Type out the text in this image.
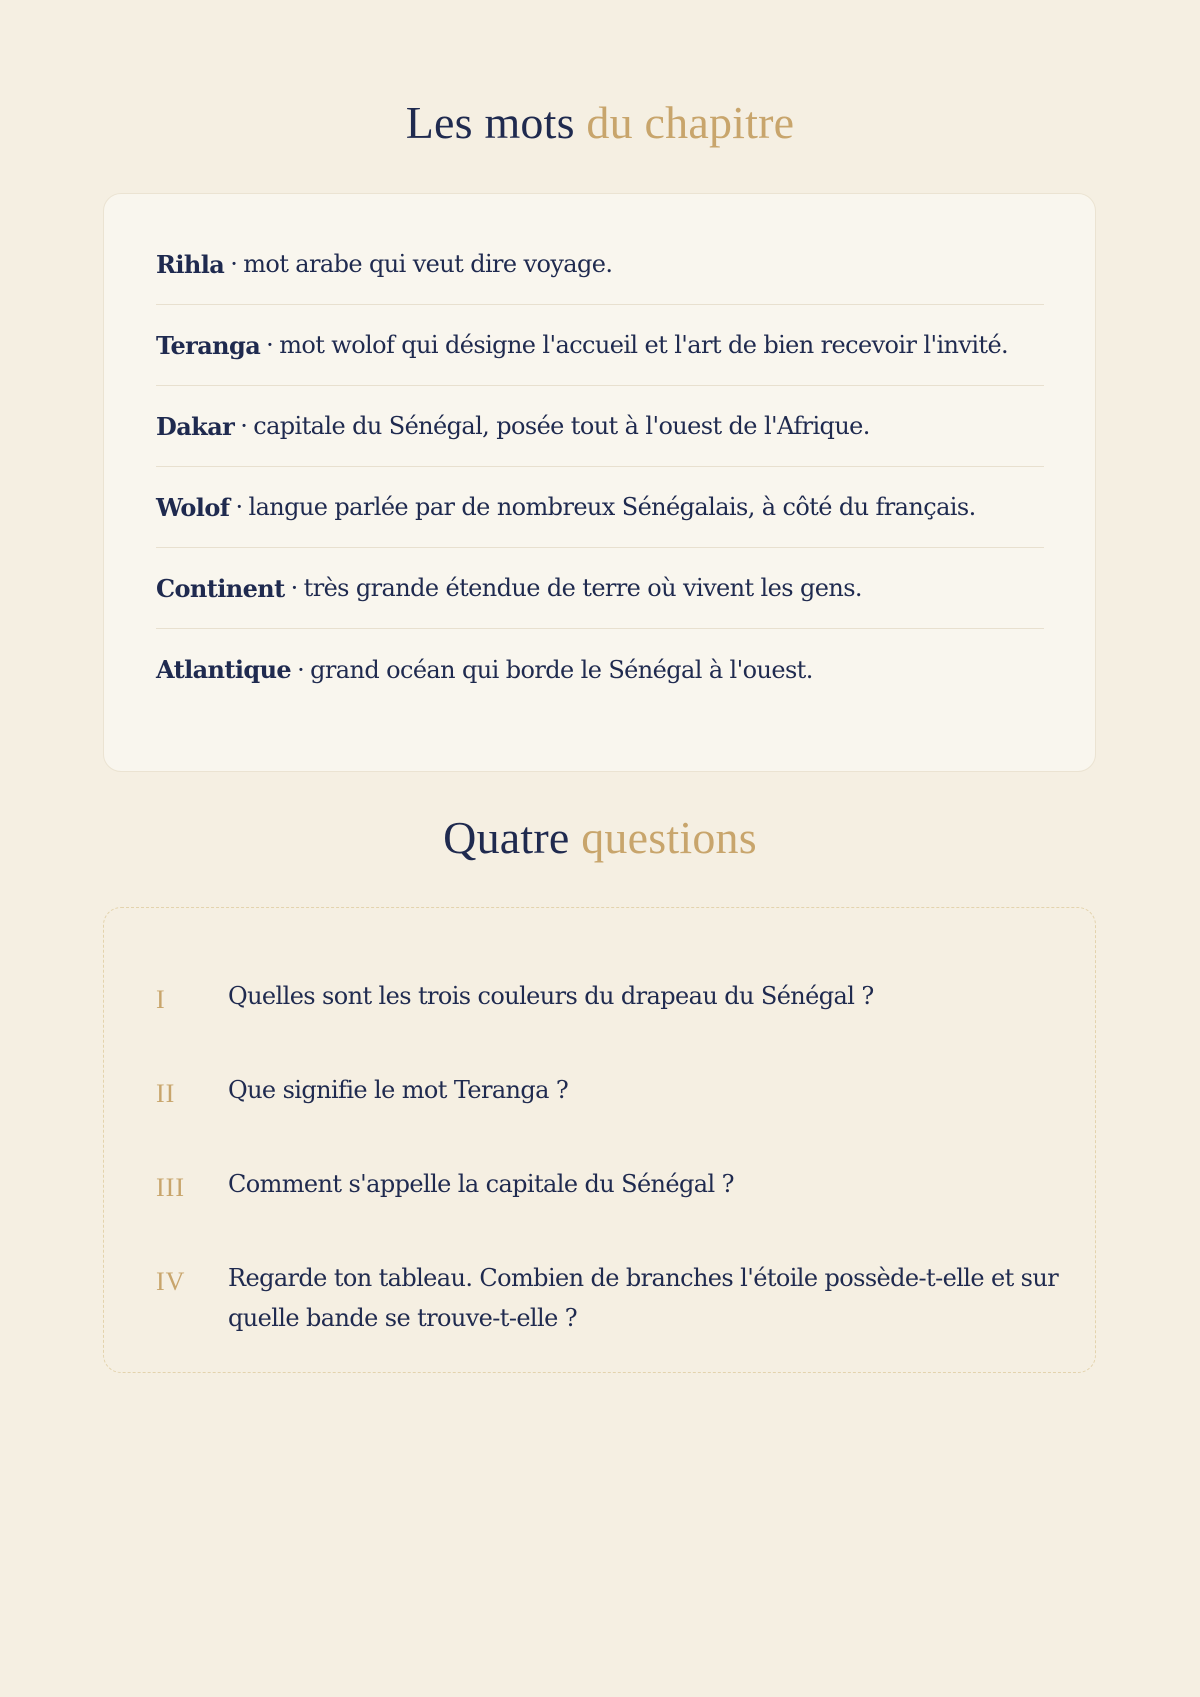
Les mots du chapitre
Rihla · mot arabe qui veut dire voyage.
Teranga · mot wolof qui désigne l'accueil et l'art de bien recevoir l'invité.
Dakar · capitale du Sénégal, posée tout à l'ouest de l'Afrique.
Wolof · langue parlée par de nombreux Sénégalais, à côté du français.
Continent · très grande étendue de terre où vivent les gens.
Atlantique · grand océan qui borde le Sénégal à l'ouest.
Quatre questions
I	Quelles sont les trois couleurs du drapeau du Sénégal ?
II	Que signifie le mot Teranga ?
III	Comment s'appelle la capitale du Sénégal ?
IV	Regarde ton tableau. Combien de branches l'étoile possède-t-elle et sur quelle bande se trouve-t-elle ?
